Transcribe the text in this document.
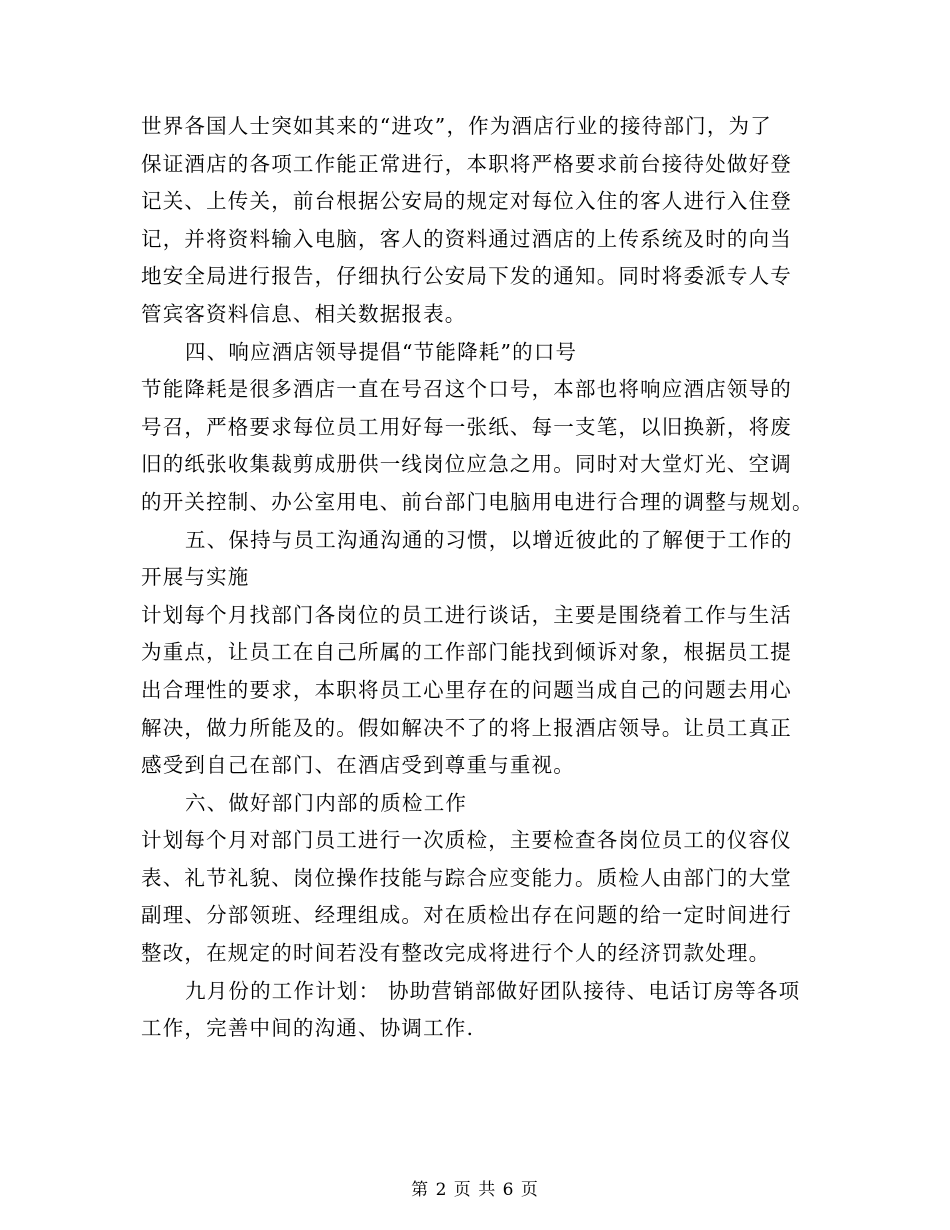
世界各国人士突如其来的“进攻”，作为酒店行业的接待部门，为了
保证酒店的各项工作能正常进行，本职将严格要求前台接待处做好登
记关、上传关，前台根据公安局的规定对每位入住的客人进行入住登
记，并将资料输入电脑，客人的资料通过酒店的上传系统及时的向当
地安全局进行报告，仔细执行公安局下发的通知。同时将委派专人专
管宾客资料信息、相关数据报表。
四、响应酒店领导提倡“节能降耗”的口号
节能降耗是很多酒店一直在号召这个口号，本部也将响应酒店领导的
号召，严格要求每位员工用好每一张纸、每一支笔，以旧换新，将废
旧的纸张收集裁剪成册供一线岗位应急之用。同时对大堂灯光、空调
的开关控制、办公室用电、前台部门电脑用电进行合理的调整与规划。
五、保持与员工沟通沟通的习惯，以增近彼此的了解便于工作的
开展与实施
计划每个月找部门各岗位的员工进行谈话，主要是围绕着工作与生活
为重点，让员工在自己所属的工作部门能找到倾诉对象，根据员工提
出合理性的要求，本职将员工心里存在的问题当成自己的问题去用心
解决，做力所能及的。假如解决不了的将上报酒店领导。让员工真正
感受到自己在部门、在酒店受到尊重与重视。
六、做好部门内部的质检工作
计划每个月对部门员工进行一次质检，主要检查各岗位员工的仪容仪
表、礼节礼貌、岗位操作技能与踪合应变能力。质检人由部门的大堂
副理、分部领班、经理组成。对在质检出存在问题的给一定时间进行
整改，在规定的时间若没有整改完成将进行个人的经济罚款处理。
九月份的工作计划： 协助营销部做好团队接待、电话订房等各项
工作，完善中间的沟通、协调工作.
第 2 页 共 6 页
